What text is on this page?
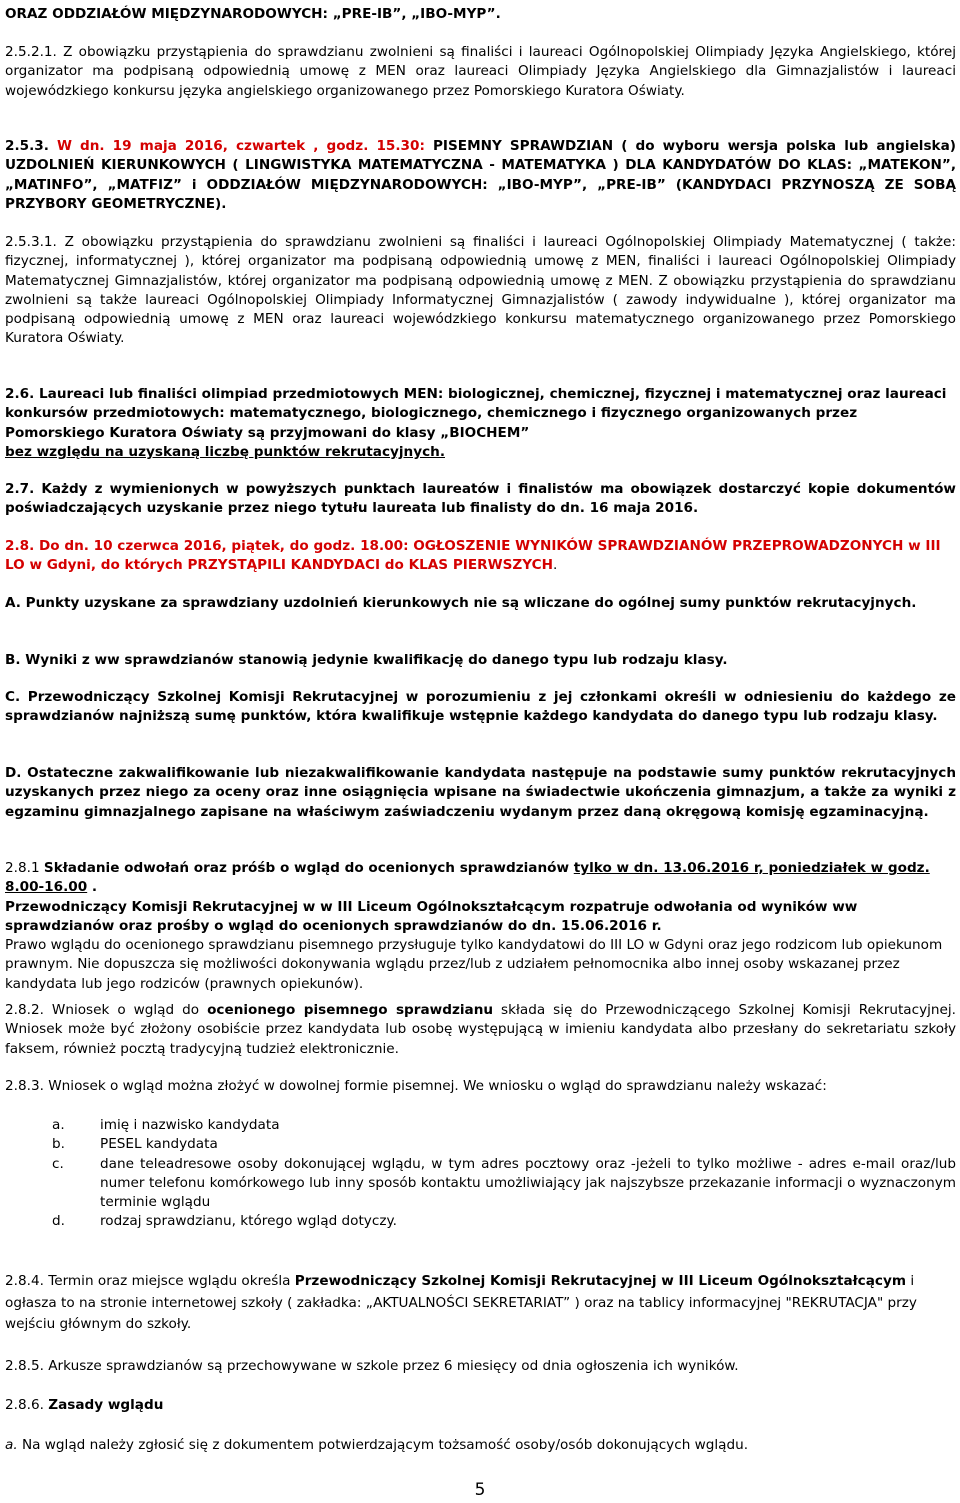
ORAZ ODDZIAŁÓW MIĘDZYNARODOWYCH: „PRE-IB”, „IBO-MYP”.

2.5.2.1. Z obowiązku przystąpienia do sprawdzianu zwolnieni są finaliści i laureaci Ogólnopolskiej Olimpiady Języka Angielskiego, której organizator ma podpisaną odpowiednią umowę z MEN oraz laureaci Olimpiady Języka Angielskiego dla Gimnazjalistów i laureaci wojewódzkiego konkursu języka angielskiego organizowanego przez Pomorskiego Kuratora Oświaty.

2.5.3. W dn. 19 maja 2016, czwartek , godz. 15.30: PISEMNY SPRAWDZIAN ( do wyboru wersja polska lub angielska) UZDOLNIEŃ KIERUNKOWYCH ( LINGWISTYKA MATEMATYCZNA - MATEMATYKA ) DLA KANDYDATÓW DO KLAS: „MATEKON”, „MATINFO”, „MATFIZ” i ODDZIAŁÓW MIĘDZYNARODOWYCH: „IBO-MYP”, „PRE-IB” (KANDYDACI PRZYNOSZĄ ZE SOBĄ PRZYBORY GEOMETRYCZNE).

2.5.3.1. Z obowiązku przystąpienia do sprawdzianu zwolnieni są finaliści i laureaci Ogólnopolskiej Olimpiady Matematycznej ( także: fizycznej, informatycznej ), której organizator ma podpisaną odpowiednią umowę z MEN, finaliści i laureaci Ogólnopolskiej Olimpiady Matematycznej Gimnazjalistów, której organizator ma podpisaną odpowiednią umowę z MEN. Z obowiązku przystąpienia do sprawdzianu zwolnieni są także laureaci Ogólnopolskiej Olimpiady Informatycznej Gimnazjalistów ( zawody indywidualne ), której organizator ma podpisaną odpowiednią umowę z MEN oraz laureaci wojewódzkiego konkursu matematycznego organizowanego przez Pomorskiego Kuratora Oświaty.

2.6. Laureaci lub finaliści olimpiad przedmiotowych MEN: biologicznej, chemicznej, fizycznej i matematycznej oraz laureaci konkursów przedmiotowych: matematycznego, biologicznego, chemicznego i fizycznego organizowanych przez Pomorskiego Kuratora Oświaty są przyjmowani do klasy „BIOCHEM”
bez względu na uzyskaną liczbę punktów rekrutacyjnych.

2.7. Każdy z wymienionych w powyższych punktach laureatów i finalistów ma obowiązek dostarczyć kopie dokumentów poświadczających uzyskanie przez niego tytułu laureata lub finalisty do dn. 16 maja 2016.

2.8. Do dn. 10 czerwca 2016, piątek, do godz. 18.00: OGŁOSZENIE WYNIKÓW SPRAWDZIANÓW PRZEPROWADZONYCH w III LO w Gdyni, do których PRZYSTĄPILI KANDYDACI do KLAS PIERWSZYCH.

A. Punkty uzyskane za sprawdziany uzdolnień kierunkowych nie są wliczane do ogólnej sumy punktów rekrutacyjnych.

B. Wyniki z ww sprawdzianów stanowią jedynie kwalifikację do danego typu lub rodzaju klasy.

C. Przewodniczący Szkolnej Komisji Rekrutacyjnej w porozumieniu z jej członkami określi w odniesieniu do każdego ze sprawdzianów najniższą sumę punktów, która kwalifikuje wstępnie każdego kandydata do danego typu lub rodzaju klasy.

D. Ostateczne zakwalifikowanie lub niezakwalifikowanie kandydata następuje na podstawie sumy punktów rekrutacyjnych uzyskanych przez niego za oceny oraz inne osiągnięcia wpisane na świadectwie ukończenia gimnazjum, a także za wyniki z egzaminu gimnazjalnego zapisane na właściwym zaświadczeniu wydanym przez daną okręgową komisję egzaminacyjną.

2.8.1 Składanie odwołań oraz próśb o wgląd do ocenionych sprawdzianów tylko w dn. 13.06.2016 r, poniedziałek w godz. 8.00-16.00 .
Przewodniczący Komisji Rekrutacyjnej w w III Liceum Ogólnokształcącym rozpatruje odwołania od wyników ww sprawdzianów oraz prośby o wgląd do ocenionych sprawdzianów do dn. 15.06.2016 r.
Prawo wglądu do ocenionego sprawdzianu pisemnego przysługuje tylko kandydatowi do III LO w Gdyni oraz jego rodzicom lub opiekunom prawnym. Nie dopuszcza się możliwości dokonywania wglądu przez/lub z udziałem pełnomocnika albo innej osoby wskazanej przez kandydata lub jego rodziców (prawnych opiekunów).

2.8.2. Wniosek o wgląd do ocenionego pisemnego sprawdzianu składa się do Przewodniczącego Szkolnej Komisji Rekrutacyjnej. Wniosek może być złożony osobiście przez kandydata lub osobę występującą w imieniu kandydata albo przesłany do sekretariatu szkoły faksem, również pocztą tradycyjną tudzież elektronicznie.

2.8.3. Wniosek o wgląd można złożyć w dowolnej formie pisemnej. We wniosku o wgląd do sprawdzianu należy wskazać:

a.	imię i nazwisko kandydata
b.	PESEL kandydata
c.	dane teleadresowe osoby dokonującej wglądu, w tym adres pocztowy oraz -jeżeli to tylko możliwe - adres e-mail oraz/lub numer telefonu komórkowego lub inny sposób kontaktu umożliwiający jak najszybsze przekazanie informacji o wyznaczonym terminie wglądu
d.	rodzaj sprawdzianu, którego wgląd dotyczy.

2.8.4. Termin oraz miejsce wglądu określa Przewodniczący Szkolnej Komisji Rekrutacyjnej w III Liceum Ogólnokształcącym i ogłasza to na stronie internetowej szkoły ( zakładka: „AKTUALNOŚCI SEKRETARIAT” ) oraz na tablicy informacyjnej "REKRUTACJA" przy wejściu głównym do szkoły.

2.8.5. Arkusze sprawdzianów są przechowywane w szkole przez 6 miesięcy od dnia ogłoszenia ich wyników.

2.8.6. Zasady wglądu

a. Na wgląd należy zgłosić się z dokumentem potwierdzającym tożsamość osoby/osób dokonujących wglądu.

5
